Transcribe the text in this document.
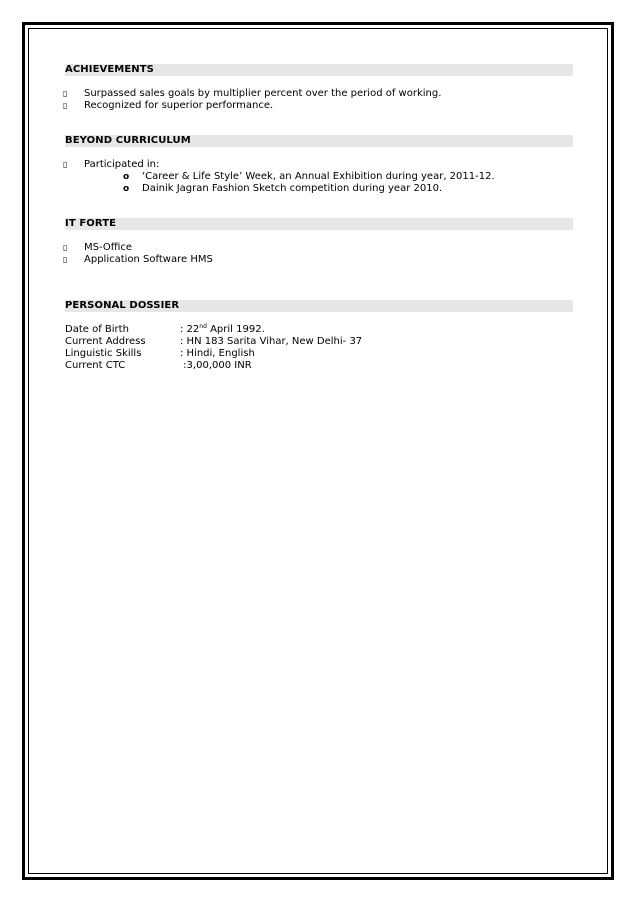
ACHIEVEMENTS
▯ Surpassed sales goals by multiplier percent over the period of working.
▯ Recognized for superior performance.
BEYOND CURRICULUM
▯ Participated in:
o ‘Career & Life Style’ Week, an Annual Exhibition during year, 2011-12.
o Dainik Jagran Fashion Sketch competition during year 2010.
IT FORTE
▯ MS-Office
▯ Application Software HMS
PERSONAL DOSSIER
Date of Birth	: 22nd April 1992.
Current Address	: HN 183 Sarita Vihar, New Delhi- 37
Linguistic Skills	: Hindi, English
Current CTC	:3,00,000 INR
